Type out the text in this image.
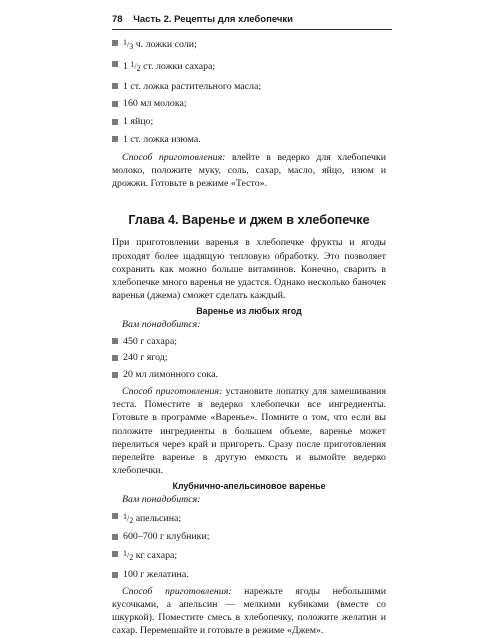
78 Часть 2. Рецепты для хлебопечки
1/3 ч. ложки соли;
1 1/2 ст. ложки сахара;
1 ст. ложка растительного масла;
160 мл молока;
1 яйцо;
1 ст. ложка изюма.

Способ приготовления: влейте в ведерко для хлебопечки молоко, положите муку, соль, сахар, масло, яйцо, изюм и дрожжи. Готовьте в режиме «Тесто».

Глава 4. Варенье и джем в хлебопечке

При приготовлении варенья в хлебопечке фрукты и ягоды проходят более щадящую тепловую обработку. Это позволяет сохранить как можно больше витаминов. Конечно, сварить в хлебопечке много варенья не удастся. Однако несколько баночек варенья (джема) сможет сделать каждый.

Варенье из любых ягод

Вам понадобится:

450 г сахара;
240 г ягод;
20 мл лимонного сока.

Способ приготовления: установите лопатку для замешивания теста. Поместите в ведерко хлебопечки все ингредиенты. Готовьте в программе «Варенье». Помните о том, что если вы положите ингредиенты в большем объеме, варенье может перелиться через край и пригореть. Сразу после приготовления перелейте варенье в другую емкость и вымойте ведерко хлебопечки.

Клубнично-апельсиновое варенье

Вам понадобится:

1/2 апельсина;
600–700 г клубники;
1/2 кг сахара;
100 г желатина.

Способ приготовления: нарежьте ягоды небольшими кусочками, а апельсин — мелкими кубиками (вместе со шкуркой). Поместите смесь в хлебопечку, положите желатин и сахар. Перемешайте и готовьте в режиме «Джем».
